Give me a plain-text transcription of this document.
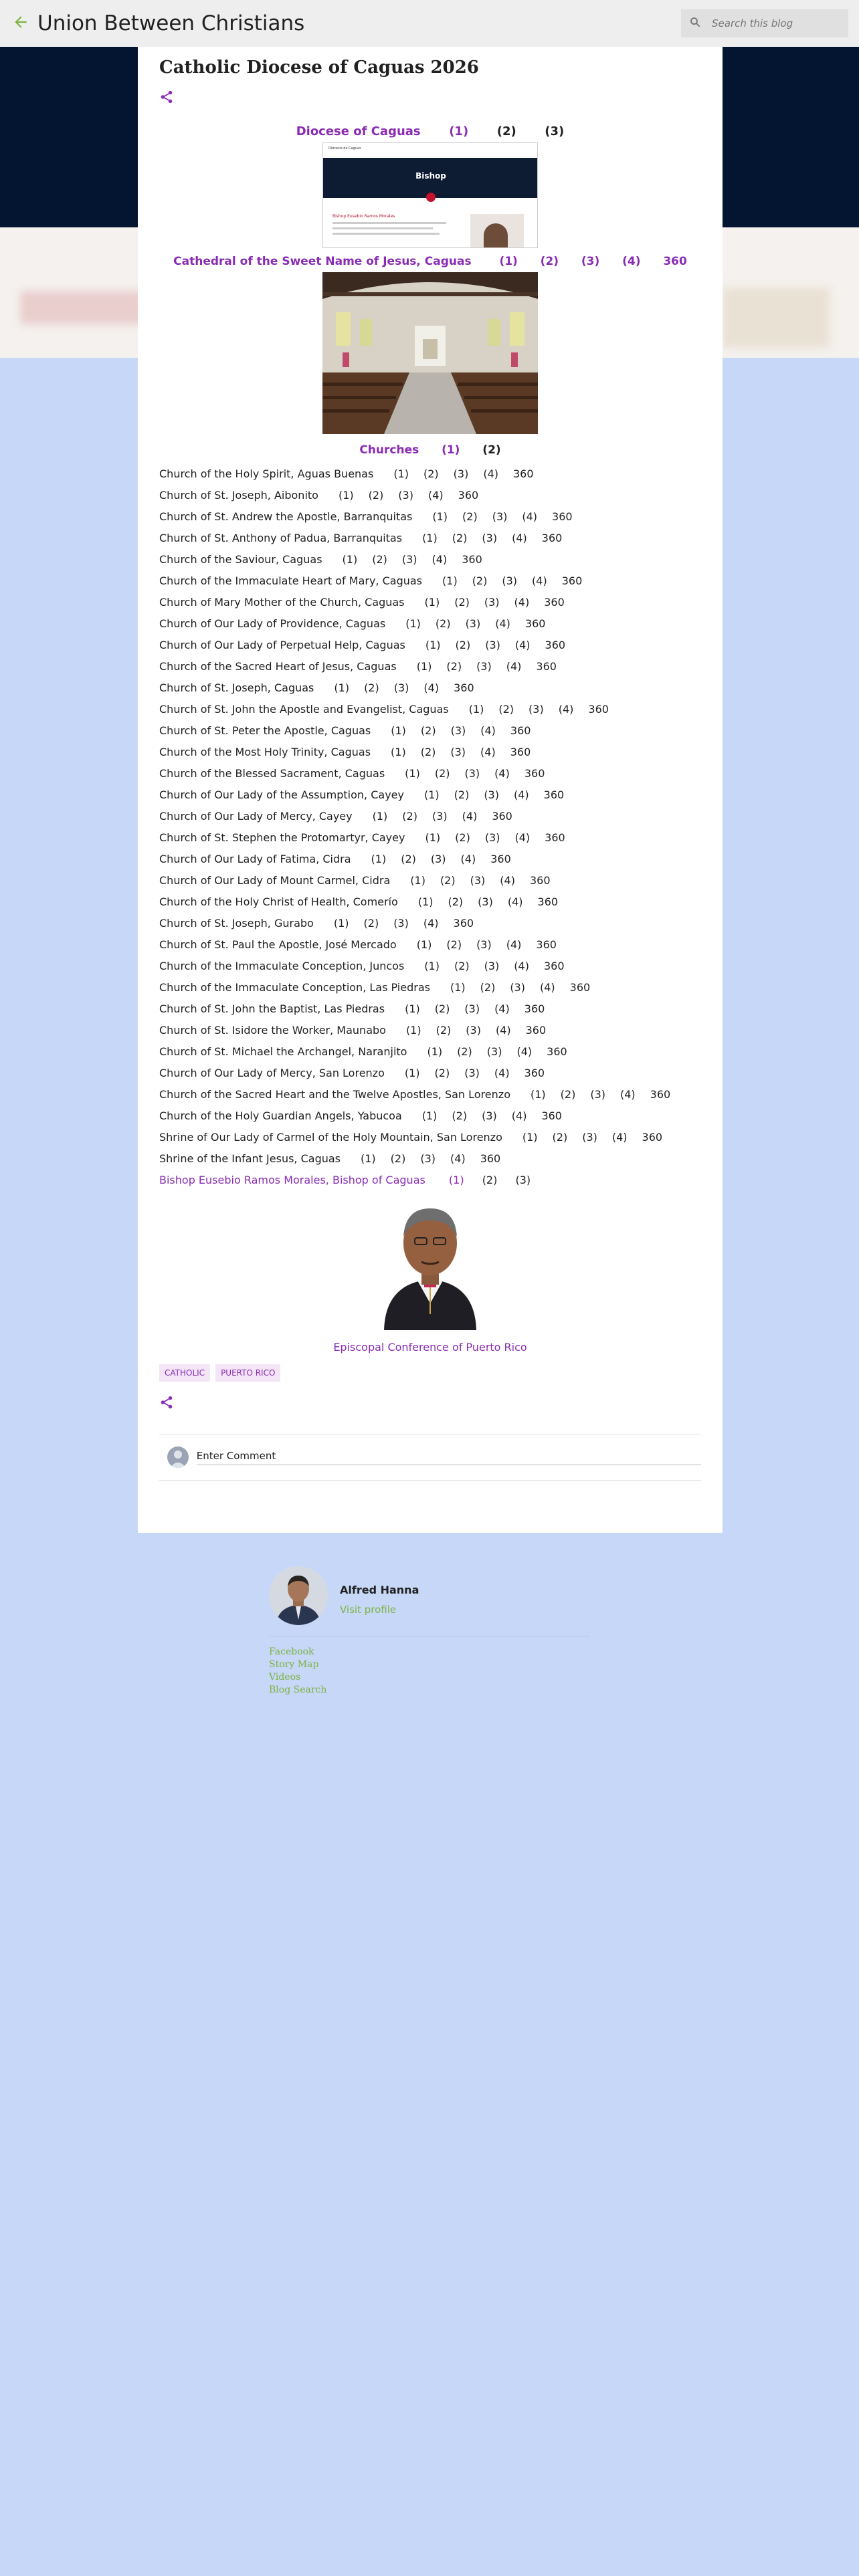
Union Between Christians
Search this blog
Catholic Diocese of Caguas 2026
Diocese of Caguas (1) (2) (3)
Diócesis de Caguas
Bishop
Bishop Eusebio Ramos Morales
Cathedral of the Sweet Name of Jesus, Caguas (1) (2) (3) (4) 360
Churches (1) (2)
Church of the Holy Spirit, Aguas Buenas (1) (2) (3) (4) 360
Church of St. Joseph, Aibonito (1) (2) (3) (4) 360
Church of St. Andrew the Apostle, Barranquitas (1) (2) (3) (4) 360
Church of St. Anthony of Padua, Barranquitas (1) (2) (3) (4) 360
Church of the Saviour, Caguas (1) (2) (3) (4) 360
Church of the Immaculate Heart of Mary, Caguas (1) (2) (3) (4) 360
Church of Mary Mother of the Church, Caguas (1) (2) (3) (4) 360
Church of Our Lady of Providence, Caguas (1) (2) (3) (4) 360
Church of Our Lady of Perpetual Help, Caguas (1) (2) (3) (4) 360
Church of the Sacred Heart of Jesus, Caguas (1) (2) (3) (4) 360
Church of St. Joseph, Caguas (1) (2) (3) (4) 360
Church of St. John the Apostle and Evangelist, Caguas (1) (2) (3) (4) 360
Church of St. Peter the Apostle, Caguas (1) (2) (3) (4) 360
Church of the Most Holy Trinity, Caguas (1) (2) (3) (4) 360
Church of the Blessed Sacrament, Caguas (1) (2) (3) (4) 360
Church of Our Lady of the Assumption, Cayey (1) (2) (3) (4) 360
Church of Our Lady of Mercy, Cayey (1) (2) (3) (4) 360
Church of St. Stephen the Protomartyr, Cayey (1) (2) (3) (4) 360
Church of Our Lady of Fatima, Cidra (1) (2) (3) (4) 360
Church of Our Lady of Mount Carmel, Cidra (1) (2) (3) (4) 360
Church of the Holy Christ of Health, Comerío (1) (2) (3) (4) 360
Church of St. Joseph, Gurabo (1) (2) (3) (4) 360
Church of St. Paul the Apostle, José Mercado (1) (2) (3) (4) 360
Church of the Immaculate Conception, Juncos (1) (2) (3) (4) 360
Church of the Immaculate Conception, Las Piedras (1) (2) (3) (4) 360
Church of St. John the Baptist, Las Piedras (1) (2) (3) (4) 360
Church of St. Isidore the Worker, Maunabo (1) (2) (3) (4) 360
Church of St. Michael the Archangel, Naranjito (1) (2) (3) (4) 360
Church of Our Lady of Mercy, San Lorenzo (1) (2) (3) (4) 360
Church of the Sacred Heart and the Twelve Apostles, San Lorenzo (1) (2) (3) (4) 360
Church of the Holy Guardian Angels, Yabucoa (1) (2) (3) (4) 360
Shrine of Our Lady of Carmel of the Holy Mountain, San Lorenzo (1) (2) (3) (4) 360
Shrine of the Infant Jesus, Caguas (1) (2) (3) (4) 360
Bishop Eusebio Ramos Morales, Bishop of Caguas (1) (2) (3)
Episcopal Conference of Puerto Rico
CATHOLIC	PUERTO RICO
Enter Comment
Alfred Hanna
Visit profile
Facebook
Story Map
Videos
Blog Search
